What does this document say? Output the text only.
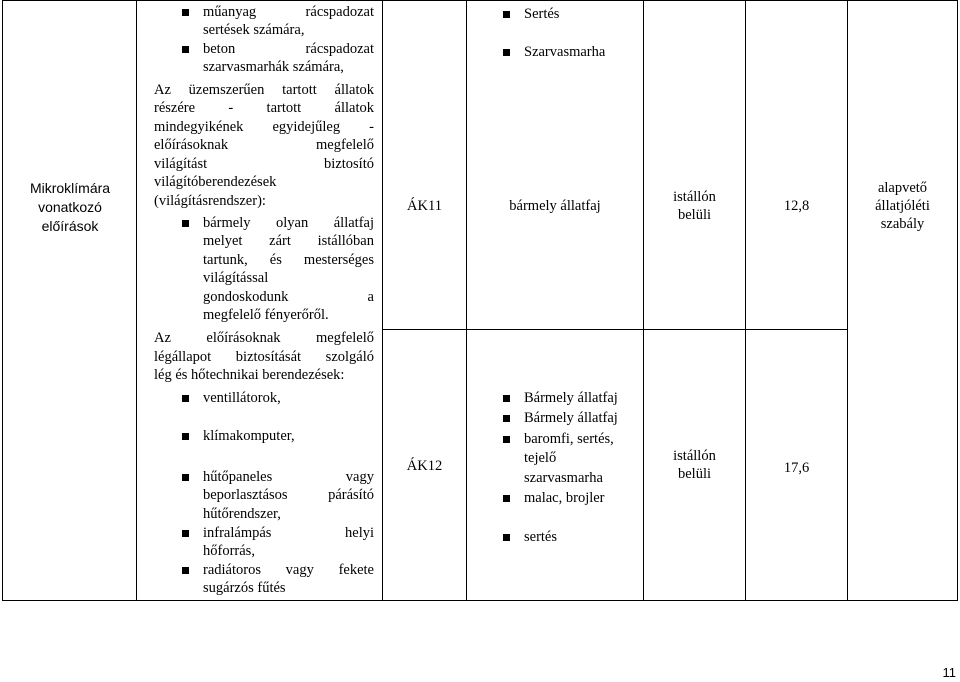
Mikroklímára
vonatkozó
előírások
műanyag rácspadozat
sertések számára,
beton rácspadozat
szarvasmarhák számára,
Az üzemszerűen tartott állatok
részére - tartott állatok
mindegyikének egyidejűleg -
előírásoknak megfelelő
világítást biztosító
világítóberendezések
(világításrendszer):
bármely olyan állatfaj
melyet zárt istállóban
tartunk, és mesterséges
világítással
gondoskodunk a
megfelelő fényerőről.
Az előírásoknak megfelelő
légállapot biztosítását szolgáló
lég és hőtechnikai berendezések:
ventillátorok,
klímakomputer,
hűtőpaneles vagy
beporlasztásos párásító
hűtőrendszer,
infralámpás helyi
hőforrás,
radiátoros vagy fekete
sugárzós fűtés
ÁK11
ÁK12
Sertés
Szarvasmarha
bármely állatfaj
Bármely állatfaj
Bármely állatfaj
baromfi, sertés,
tejelő
szarvasmarha
malac, brojler
sertés
istállón
belüli
istállón
belüli
12,8
17,6
alapvető
állatjóléti
szabály
11
